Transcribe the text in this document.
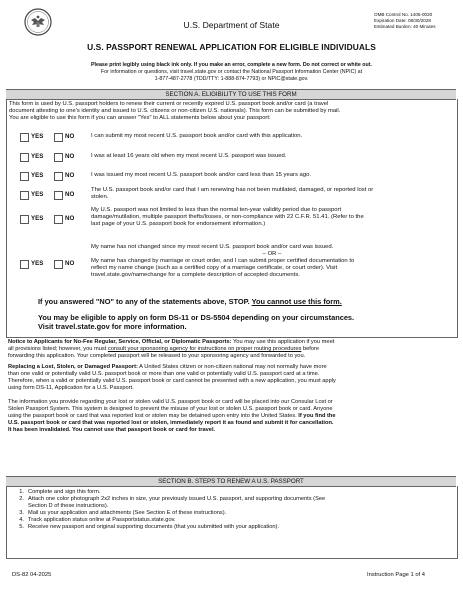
U.S. Department of State
OMB Control No. 1405-0020
Expiration Date: 08/30/2028
Estimated Burden: 40 Minutes
U.S. PASSPORT RENEWAL APPLICATION FOR ELIGIBLE INDIVIDUALS
Please print legibly using black ink only. If you make an error, complete a new form. Do not correct or white out.
For information or questions, visit travel.state.gov or contact the National Passport Information Center (NPIC) at
1-877-487-2778 (TDD/TTY: 1-888-874-7793) or NPIC@state.gov.
SECTION A. ELIGIBILITY TO USE THIS FORM
This form is used by U.S. passport holders to renew their current or recently expired U.S. passport book and/or card (a travel
document attesting to one's identity and issued to U.S. citizens or non-citizen U.S. nationals). This form can be submitted by mail.
You are eligible to use this form if you can answer "Yes" to ALL statements below about your passport:
YES	NO	I can submit my most recent U.S. passport book and/or card with this application.
YES	NO	I was at least 16 years old when my most recent U.S. passport was issued.
YES	NO	I was issued my most recent U.S. passport book and/or card less than 15 years ago.
YES	NO
The U.S. passport book and/or card that I am renewing has not been mutilated, damaged, or reported lost or
stolen.
YES	NO
My U.S. passport was not limited to less than the normal ten-year validity period due to passport
damage/mutilation, multiple passport thefts/losses, or non-compliance with 22 C.F.R. 51.41. (Refer to the
last page of your U.S. passport book for endorsement information.)
YES	NO
My name has not changed since my most recent U.S. passport book and/or card was issued.
– OR –
My name has changed by marriage or court order, and I can submit proper certified documentation to
reflect my name change (such as a certified copy of a marriage certificate, or court order). Visit
travel.state.gov/namechange for a complete description of accepted documents.
If you answered "NO" to any of the statements above, STOP. You cannot use this form.
You may be eligible to apply on form DS-11 or DS-5504 depending on your circumstances.
Visit travel.state.gov for more information.
Notice to Applicants for No-Fee Regular, Service, Official, or Diplomatic Passports: You may use this application if you meet
all provisions listed; however, you must consult your sponsoring agency for instructions on proper routing procedures before
forwarding this application. Your completed passport will be released to your sponsoring agency and forwarded to you.
Replacing a Lost, Stolen, or Damaged Passport: A United States citizen or non-citizen national may not normally have more
than one valid or potentially valid U.S. passport book or more than one valid or potentially valid U.S. passport card at a time.
Therefore, when a valid or potentially valid U.S. passport book or card cannot be presented with a new application, you must apply
using form DS-11, Application for a U.S. Passport.
The information you provide regarding your lost or stolen valid U.S. passport book or card will be placed into our Consular Lost or
Stolen Passport System. This system is designed to prevent the misuse of your lost or stolen U.S. passport book or card. Anyone
using the passport book or card that was reported lost or stolen may be detained upon entry into the United States. If you find the
U.S. passport book or card that was reported lost or stolen, immediately report it as found and submit it for cancellation.
It has been invalidated. You cannot use that passport book or card for travel.
SECTION B. STEPS TO RENEW A U.S. PASSPORT
1. Complete and sign this form.
2. Attach one color photograph 2x2 inches in size, your previously issued U.S. passport, and supporting documents (See
Section D of these instructions).
3. Mail us your application and attachments (See Section E of these instructions).
4. Track application status online at Passportstatus.state.gov.
5. Receive new passport and original supporting documents (that you submitted with your application).
DS-82 04-2025	Instruction Page 1 of 4
